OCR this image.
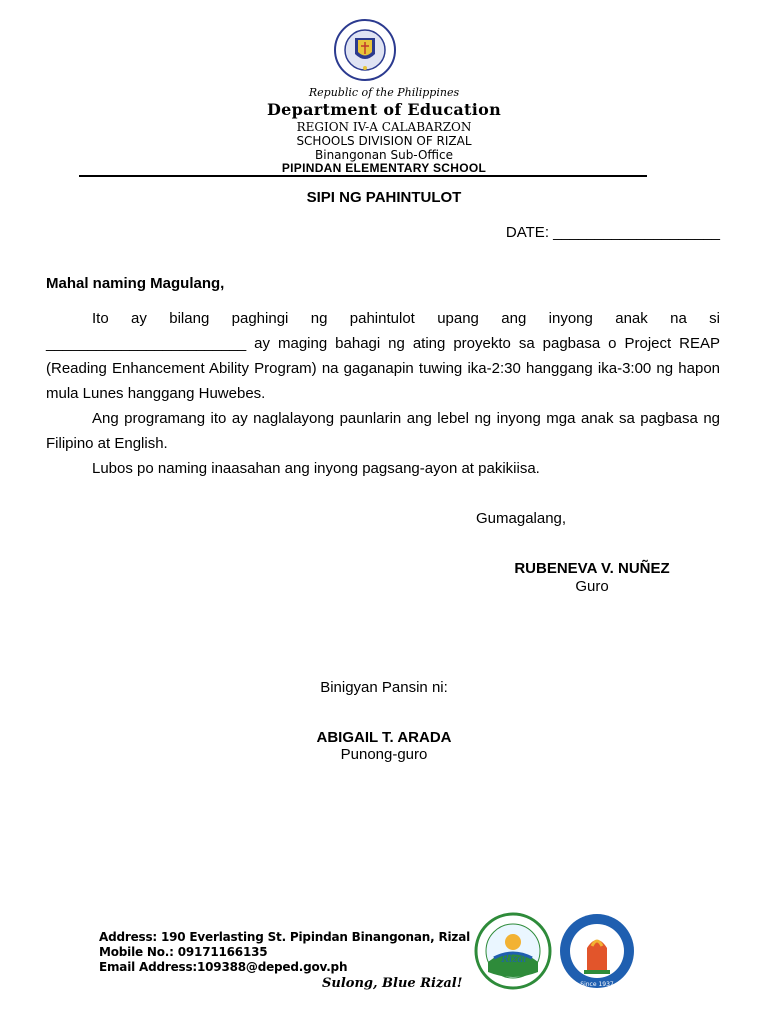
Republic of the Philippines
Department of Education
REGION IV-A CALABARZON
SCHOOLS DIVISION OF RIZAL
Binangonan Sub-Office
PIPINDAN ELEMENTARY SCHOOL
SIPI NG PAHINTULOT
DATE: ____________________
Mahal naming Magulang,

Ito ay bilang paghingi ng pahintulot upang ang inyong anak na si ________________________ ay maging bahagi ng ating proyekto sa pagbasa o Project REAP (Reading Enhancement Ability Program) na gaganapin tuwing ika-2:30 hanggang ika-3:00 ng hapon mula Lunes hanggang Huwebes.

Ang programang ito ay naglalayong paunlarin ang lebel ng inyong mga anak sa pagbasa ng Filipino at English.

Lubos po naming inaasahan ang inyong pagsang-ayon at pakikiisa.

Gumagalang,
RUBENEVA V. NUÑEZ
Guro
Binigyan Pansin ni:
ABIGAIL T. ARADA
Punong-guro
Address: 190 Everlasting St. Pipindan Binangonan, Rizal
Mobile No.: 09171166135
Email Address:109388@deped.gov.ph
Sulong, Blue Rizal!
Rizal
Since 1937
